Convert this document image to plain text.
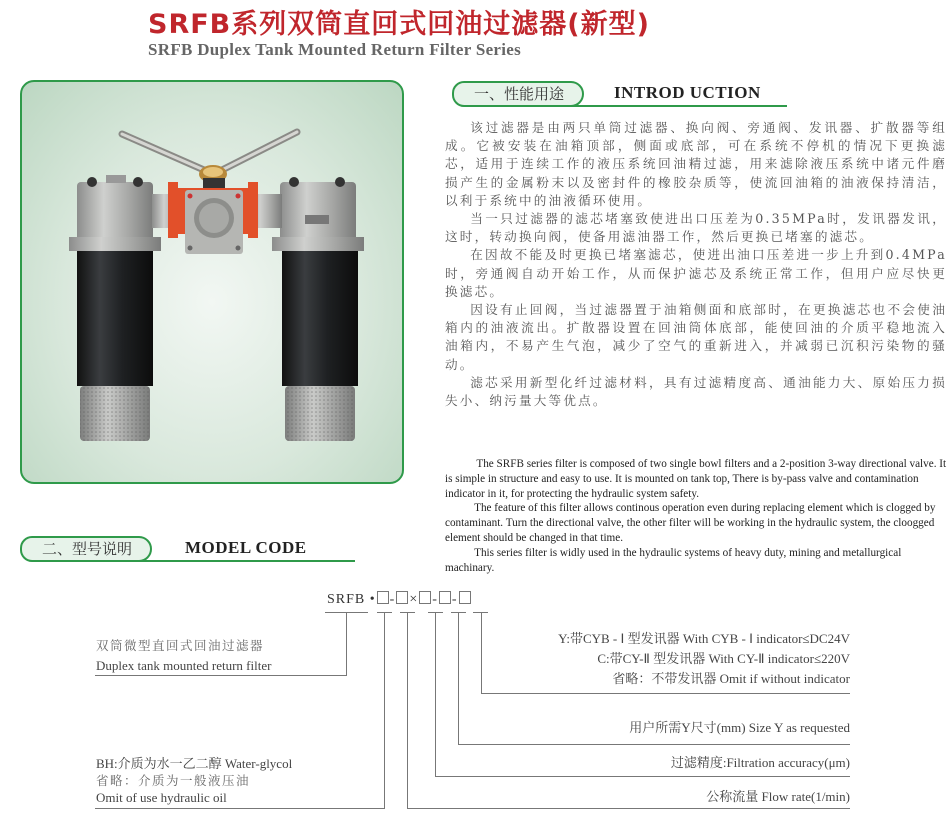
SRFB系列双筒直回式回油过滤器(新型)
SRFB Duplex Tank Mounted Return Filter Series
一、性能用途	INTROD UCTION

该过滤器是由两只单筒过滤器、换向阀、旁通阀、发讯器、扩散器等组成。它被安装在油箱顶部，侧面或底部，可在系统不停机的情况下更换滤芯，适用于连续工作的液压系统回油精过滤，用来滤除液压系统中诸元件磨损产生的金属粉末以及密封件的橡胶杂质等，使流回油箱的油液保持清洁，以利于系统中的油液循环使用。

当一只过滤器的滤芯堵塞致使进出口压差为0.35MPa时，发讯器发讯，这时，转动换向阀，使备用滤油器工作，然后更换已堵塞的滤芯。

在因故不能及时更换已堵塞滤芯，使进出油口压差进一步上升到0.4MPa时，旁通阀自动开始工作，从而保护滤芯及系统正常工作，但用户应尽快更换滤芯。

因设有止回阀，当过滤器置于油箱侧面和底部时，在更换滤芯也不会使油箱内的油液流出。扩散器设置在回油筒体底部，能使回油的介质平稳地流入油箱内，不易产生气泡，减少了空气的重新进入，并减弱已沉积污染物的骚动。

滤芯采用新型化纤过滤材料，具有过滤精度高、通油能力大、原始压力损失小、纳污量大等优点。

The SRFB series filter is composed of two single bowl filters and a 2-position 3-way directional valve. It is simple in structure and easy to use. It is mounted on tank top, There is by-pass valve and contamination indicator in it, for protecting the hydraulic system safety.

The feature of this filter allows continous operation even during replacing element which is clogged by contaminant. Turn the directional valve, the other filter will be working in the hydraulic system, the cloogged element should be changed in that time.

This series filter is widly used in the hydraulic systems of heavy duty, mining and metallurgical machinary.

二、型号说明	MODEL CODE
SRFB • - × - -
双筒微型直回式回油过滤器
Duplex tank mounted return filter
BH:介质为水一乙二醇 Water-glycol
省略：介质为一般液压油
Omit of use hydraulic oil
Y:带CYB - Ⅰ 型发讯器 With CYB - Ⅰ indicator≤DC24V
C:带CY-Ⅱ 型发讯器 With CY-Ⅱ indicator≤220V
省略：不带发讯器 Omit if without indicator
用户所需Y尺寸(mm) Size Y as requested
过滤精度:Filtration accuracy(μm)
公称流量 Flow rate(1/min)
